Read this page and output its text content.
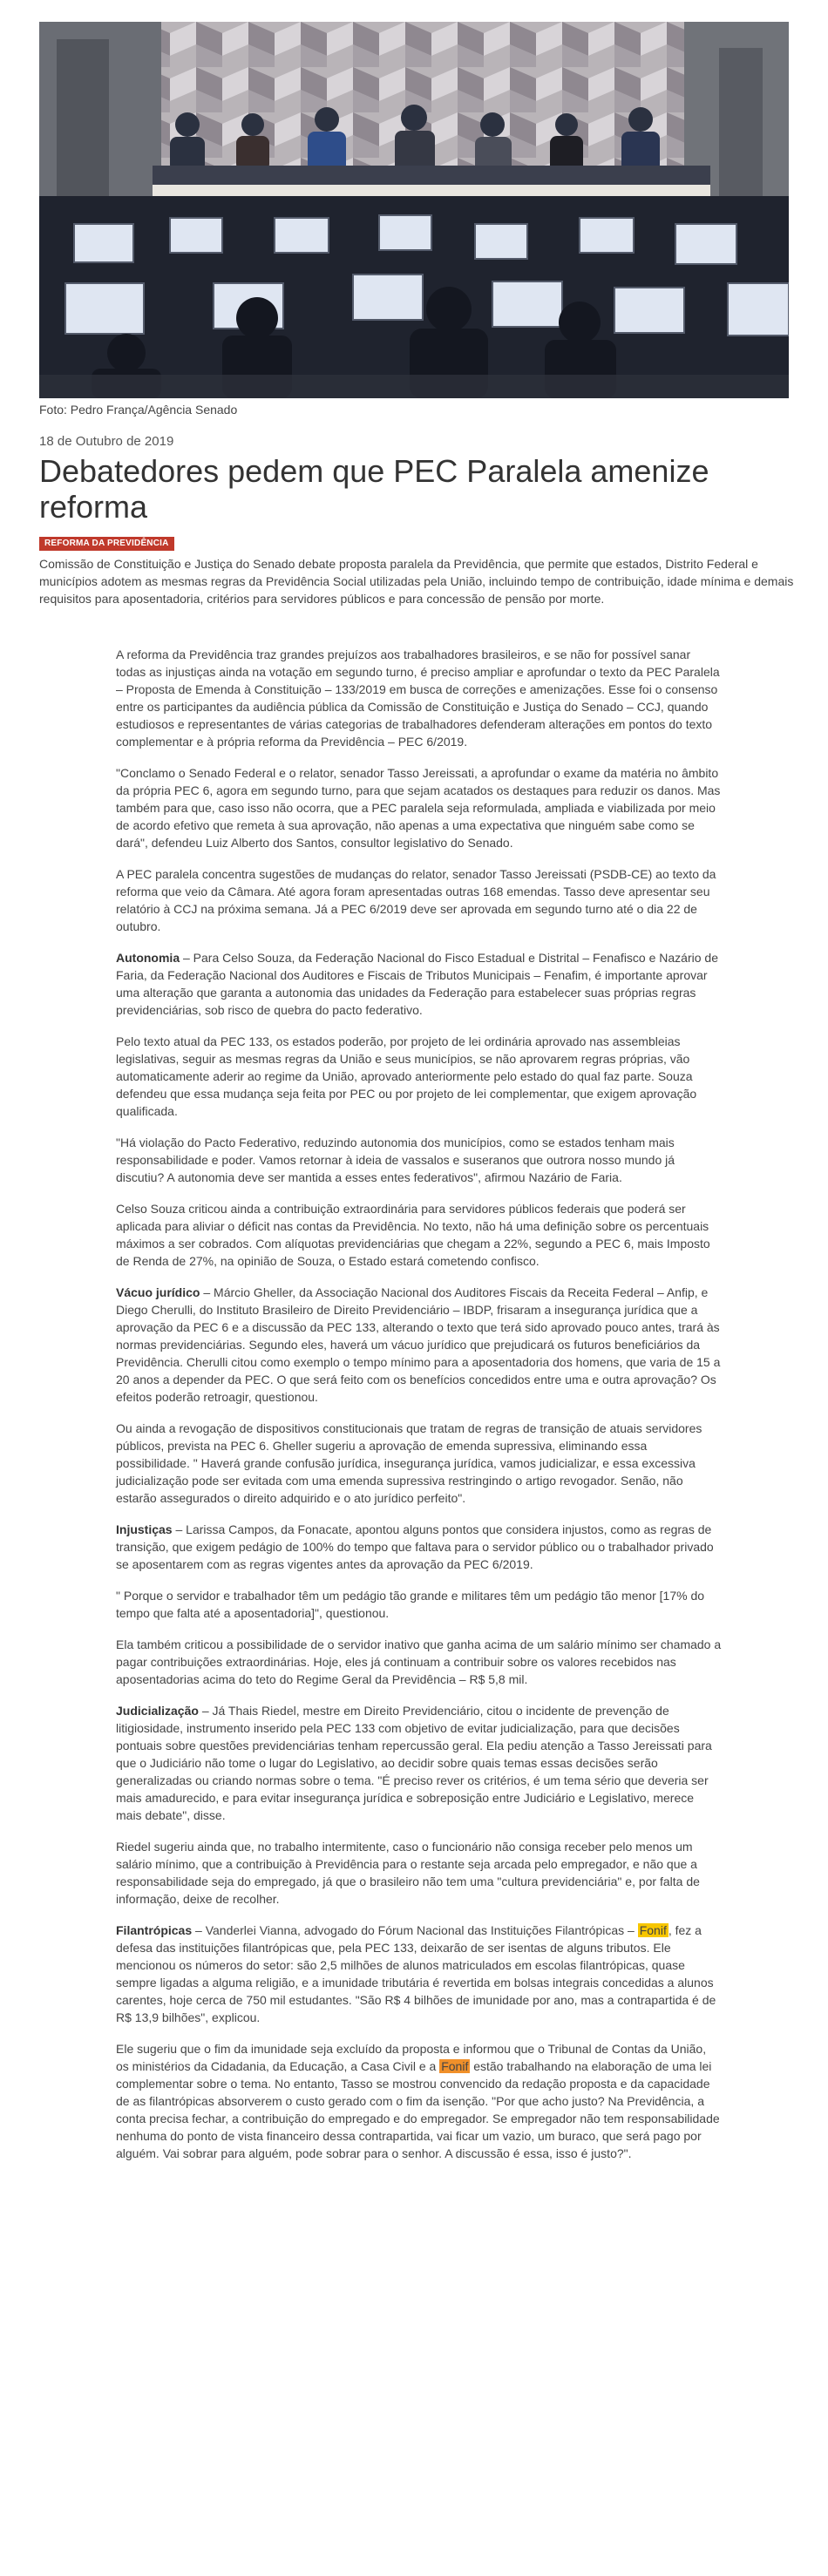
Foto: Pedro França/Agência Senado
18 de Outubro de 2019
Debatedores pedem que PEC Paralela amenize reforma
REFORMA DA PREVIDÊNCIA
Comissão de Constituição e Justiça do Senado debate proposta paralela da Previdência, que permite que estados, Distrito Federal e municípios adotem as mesmas regras da Previdência Social utilizadas pela União, incluindo tempo de contribuição, idade mínima e demais requisitos para aposentadoria, critérios para servidores públicos e para concessão de pensão por morte.

A reforma da Previdência traz grandes prejuízos aos trabalhadores brasileiros, e se não for possível sanar todas as injustiças ainda na votação em segundo turno, é preciso ampliar e aprofundar o texto da PEC Paralela – Proposta de Emenda à Constituição – 133/2019 em busca de correções e amenizações. Esse foi o consenso entre os participantes da audiência pública da Comissão de Constituição e Justiça do Senado – CCJ, quando estudiosos e representantes de várias categorias de trabalhadores defenderam alterações em pontos do texto complementar e à própria reforma da Previdência – PEC 6/2019.

"Conclamo o Senado Federal e o relator, senador Tasso Jereissati, a aprofundar o exame da matéria no âmbito da própria PEC 6, agora em segundo turno, para que sejam acatados os destaques para reduzir os danos. Mas também para que, caso isso não ocorra, que a PEC paralela seja reformulada, ampliada e viabilizada por meio de acordo efetivo que remeta à sua aprovação, não apenas a uma expectativa que ninguém sabe como se dará", defendeu Luiz Alberto dos Santos, consultor legislativo do Senado.

A PEC paralela concentra sugestões de mudanças do relator, senador Tasso Jereissati (PSDB-CE) ao texto da reforma que veio da Câmara. Até agora foram apresentadas outras 168 emendas. Tasso deve apresentar seu relatório à CCJ na próxima semana. Já a PEC 6/2019 deve ser aprovada em segundo turno até o dia 22 de outubro.

Autonomia – Para Celso Souza, da Federação Nacional do Fisco Estadual e Distrital – Fenafisco e Nazário de Faria, da Federação Nacional dos Auditores e Fiscais de Tributos Municipais – Fenafim, é importante aprovar uma alteração que garanta a autonomia das unidades da Federação para estabelecer suas próprias regras previdenciárias, sob risco de quebra do pacto federativo.

Pelo texto atual da PEC 133, os estados poderão, por projeto de lei ordinária aprovado nas assembleias legislativas, seguir as mesmas regras da União e seus municípios, se não aprovarem regras próprias, vão automaticamente aderir ao regime da União, aprovado anteriormente pelo estado do qual faz parte. Souza defendeu que essa mudança seja feita por PEC ou por projeto de lei complementar, que exigem aprovação qualificada.

"Há violação do Pacto Federativo, reduzindo autonomia dos municípios, como se estados tenham mais responsabilidade e poder. Vamos retornar à ideia de vassalos e suseranos que outrora nosso mundo já discutiu? A autonomia deve ser mantida a esses entes federativos", afirmou Nazário de Faria.

Celso Souza criticou ainda a contribuição extraordinária para servidores públicos federais que poderá ser aplicada para aliviar o déficit nas contas da Previdência. No texto, não há uma definição sobre os percentuais máximos a ser cobrados. Com alíquotas previdenciárias que chegam a 22%, segundo a PEC 6, mais Imposto de Renda de 27%, na opinião de Souza, o Estado estará cometendo confisco.

Vácuo jurídico – Márcio Gheller, da Associação Nacional dos Auditores Fiscais da Receita Federal – Anfip, e Diego Cherulli, do Instituto Brasileiro de Direito Previdenciário – IBDP, frisaram a insegurança jurídica que a aprovação da PEC 6 e a discussão da PEC 133, alterando o texto que terá sido aprovado pouco antes, trará às normas previdenciárias. Segundo eles, haverá um vácuo jurídico que prejudicará os futuros beneficiários da Previdência. Cherulli citou como exemplo o tempo mínimo para a aposentadoria dos homens, que varia de 15 a 20 anos a depender da PEC. O que será feito com os benefícios concedidos entre uma e outra aprovação? Os efeitos poderão retroagir, questionou.

Ou ainda a revogação de dispositivos constitucionais que tratam de regras de transição de atuais servidores públicos, prevista na PEC 6. Gheller sugeriu a aprovação de emenda supressiva, eliminando essa possibilidade. " Haverá grande confusão jurídica, insegurança jurídica, vamos judicializar, e essa excessiva judicialização pode ser evitada com uma emenda supressiva restringindo o artigo revogador. Senão, não estarão assegurados o direito adquirido e o ato jurídico perfeito".

Injustiças – Larissa Campos, da Fonacate, apontou alguns pontos que considera injustos, como as regras de transição, que exigem pedágio de 100% do tempo que faltava para o servidor público ou o trabalhador privado se aposentarem com as regras vigentes antes da aprovação da PEC 6/2019.

" Porque o servidor e trabalhador têm um pedágio tão grande e militares têm um pedágio tão menor [17% do tempo que falta até a aposentadoria]", questionou.

Ela também criticou a possibilidade de o servidor inativo que ganha acima de um salário mínimo ser chamado a pagar contribuições extraordinárias. Hoje, eles já continuam a contribuir sobre os valores recebidos nas aposentadorias acima do teto do Regime Geral da Previdência – R$ 5,8 mil.

Judicialização – Já Thais Riedel, mestre em Direito Previdenciário, citou o incidente de prevenção de litigiosidade, instrumento inserido pela PEC 133 com objetivo de evitar judicialização, para que decisões pontuais sobre questões previdenciárias tenham repercussão geral. Ela pediu atenção a Tasso Jereissati para que o Judiciário não tome o lugar do Legislativo, ao decidir sobre quais temas essas decisões serão generalizadas ou criando normas sobre o tema. "É preciso rever os critérios, é um tema sério que deveria ser mais amadurecido, e para evitar insegurança jurídica e sobreposição entre Judiciário e Legislativo, merece mais debate", disse.

Riedel sugeriu ainda que, no trabalho intermitente, caso o funcionário não consiga receber pelo menos um salário mínimo, que a contribuição à Previdência para o restante seja arcada pelo empregador, e não que a responsabilidade seja do empregado, já que o brasileiro não tem uma "cultura previdenciária" e, por falta de informação, deixe de recolher.

Filantrópicas – Vanderlei Vianna, advogado do Fórum Nacional das Instituições Filantrópicas – Fonif , fez a defesa das instituições filantrópicas que, pela PEC 133, deixarão de ser isentas de alguns tributos. Ele mencionou os números do setor: são 2,5 milhões de alunos matriculados em escolas filantrópicas, quase sempre ligadas a alguma religião, e a imunidade tributária é revertida em bolsas integrais concedidas a alunos carentes, hoje cerca de 750 mil estudantes. "São R$ 4 bilhões de imunidade por ano, mas a contrapartida é de R$ 13,9 bilhões", explicou.

Ele sugeriu que o fim da imunidade seja excluído da proposta e informou que o Tribunal de Contas da União, os ministérios da Cidadania, da Educação, a Casa Civil e a Fonif estão trabalhando na elaboração de uma lei complementar sobre o tema. No entanto, Tasso se mostrou convencido da redação proposta e da capacidade de as filantrópicas absorverem o custo gerado com o fim da isenção. "Por que acho justo? Na Previdência, a conta precisa fechar, a contribuição do empregado e do empregador. Se empregador não tem responsabilidade nenhuma do ponto de vista financeiro dessa contrapartida, vai ficar um vazio, um buraco, que será pago por alguém. Vai sobrar para alguém, pode sobrar para o senhor. A discussão é essa, isso é justo?".
